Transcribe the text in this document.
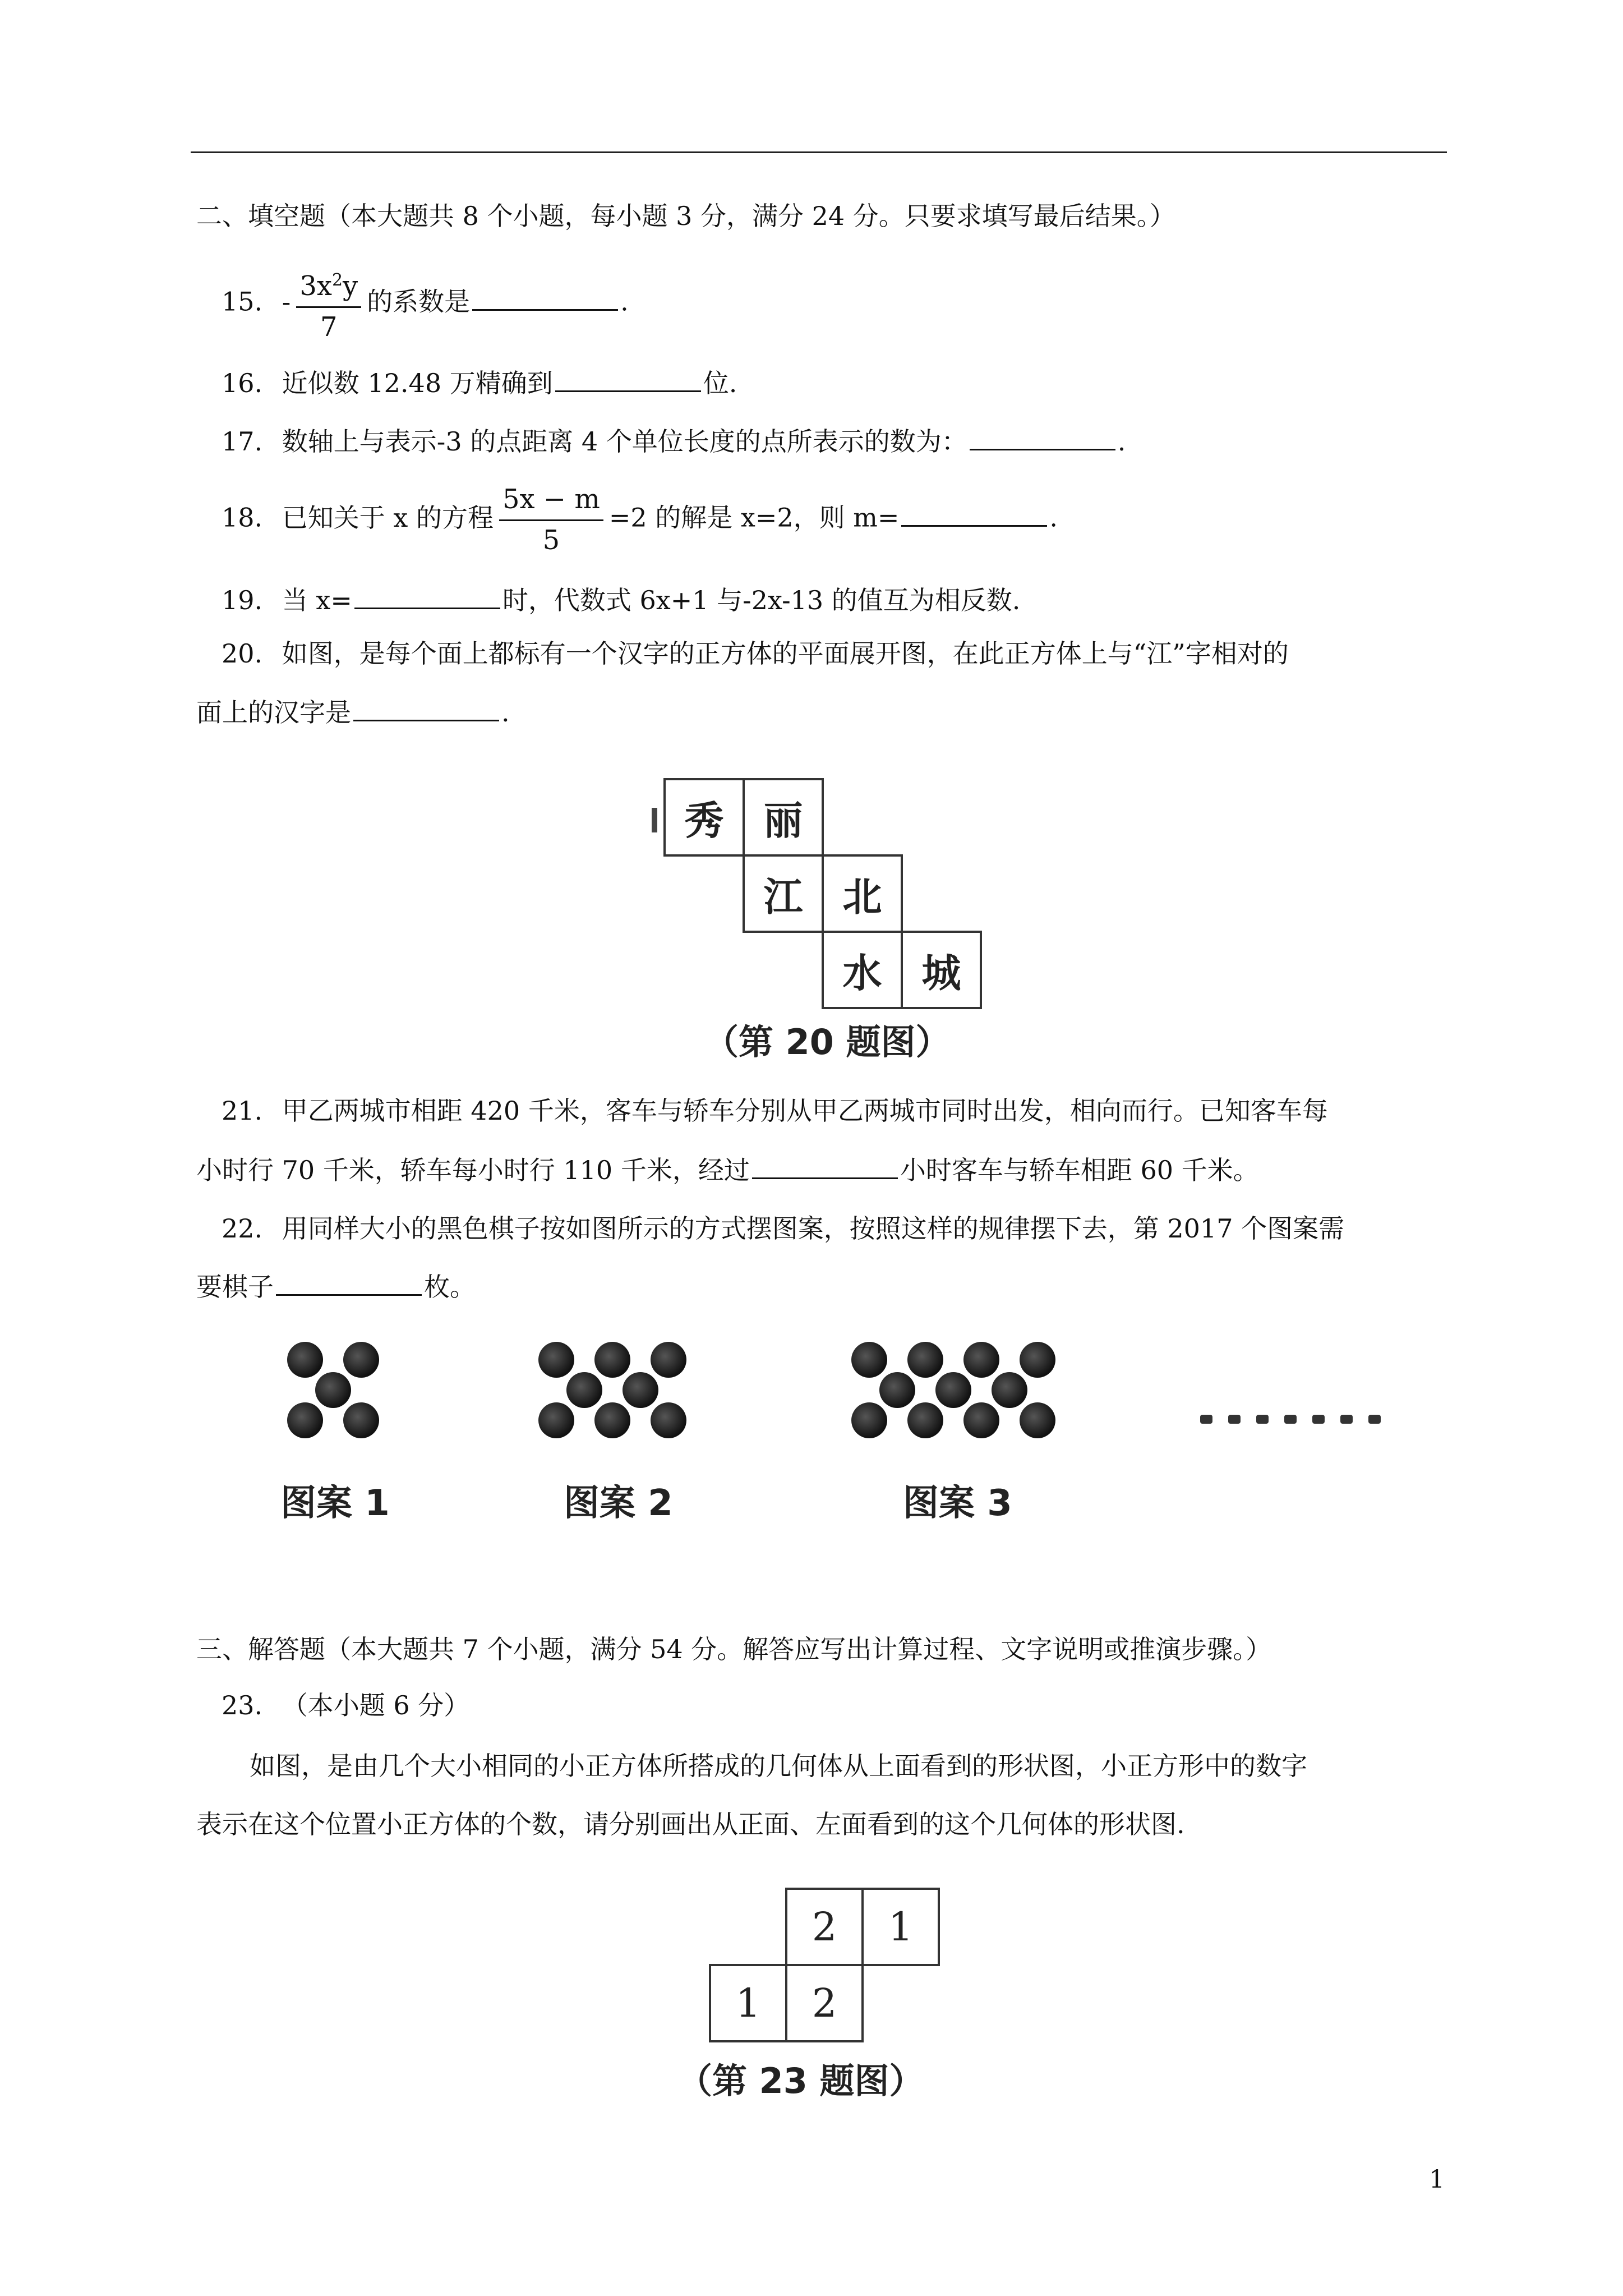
二、填空题（本大题共 8 个小题，每小题 3 分，满分 24 分。只要求填写最后结果。）
15. - $\frac{3x^2y}{7}$ 的系数是	.
16. 近似数 12.48 万精确到	位.
17. 数轴上与表示-3 的点距离 4 个单位长度的点所表示的数为：	.
18. 已知关于 x 的方程 $\frac{5x - m}{5} =2$ 的解是 x=2，则 m=	.
19. 当 x=	时，代数式 6x+1 与-2x-13 的值互为相反数.
20. 如图，是每个面上都标有一个汉字的正方体的平面展开图，在此正方体上与“江”字相对的
面上的汉字是	.
秀	丽
江	北
水	城
（第 20 题图）
21. 甲乙两城市相距 420 千米，客车与轿车分别从甲乙两城市同时出发，相向而行。已知客车每
小时行 70 千米，轿车每小时行 110 千米，经过	小时客车与轿车相距 60 千米。
22. 用同样大小的黑色棋子按如图所示的方式摆图案，按照这样的规律摆下去，第 2017 个图案需
要棋子	枚。
图案 1	图案 2	图案 3
三、解答题（本大题共 7 个小题，满分 54 分。解答应写出计算过程、文字说明或推演步骤。）
23. （本小题 6 分）
如图，是由几个大小相同的小正方体所搭成的几何体从上面看到的形状图，小正方形中的数字
表示在这个位置小正方体的个数，请分别画出从正面、左面看到的这个几何体的形状图.
2	1
1	2
（第 23 题图）
1
